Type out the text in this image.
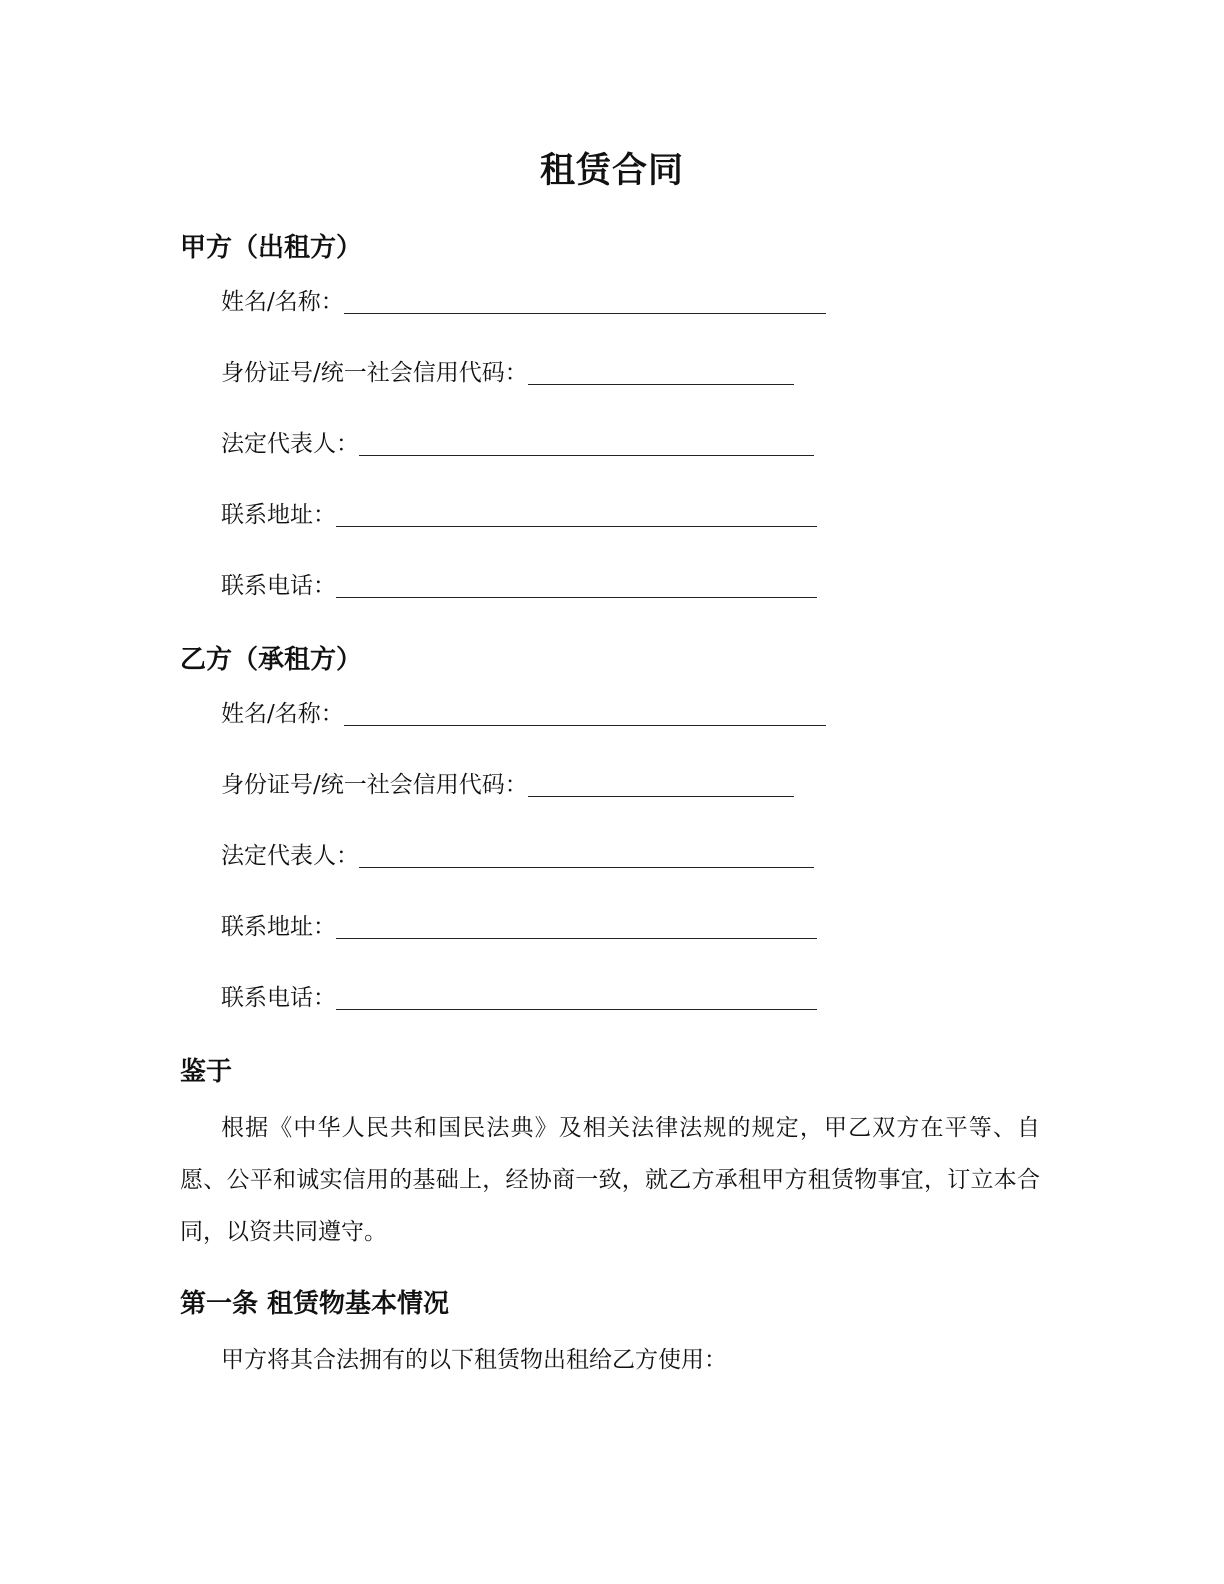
租赁合同
甲方（出租方）
姓名/名称：
身份证号/统一社会信用代码：
法定代表人：
联系地址：
联系电话：
乙方（承租方）
姓名/名称：
身份证号/统一社会信用代码：
法定代表人：
联系地址：
联系电话：
鉴于
根据《中华人民共和国民法典》及相关法律法规的规定，甲乙双方在平等、自愿、公平和诚实信用的基础上，经协商一致，就乙方承租甲方租赁物事宜，订立本合同，以资共同遵守。
第一条 租赁物基本情况
甲方将其合法拥有的以下租赁物出租给乙方使用：
